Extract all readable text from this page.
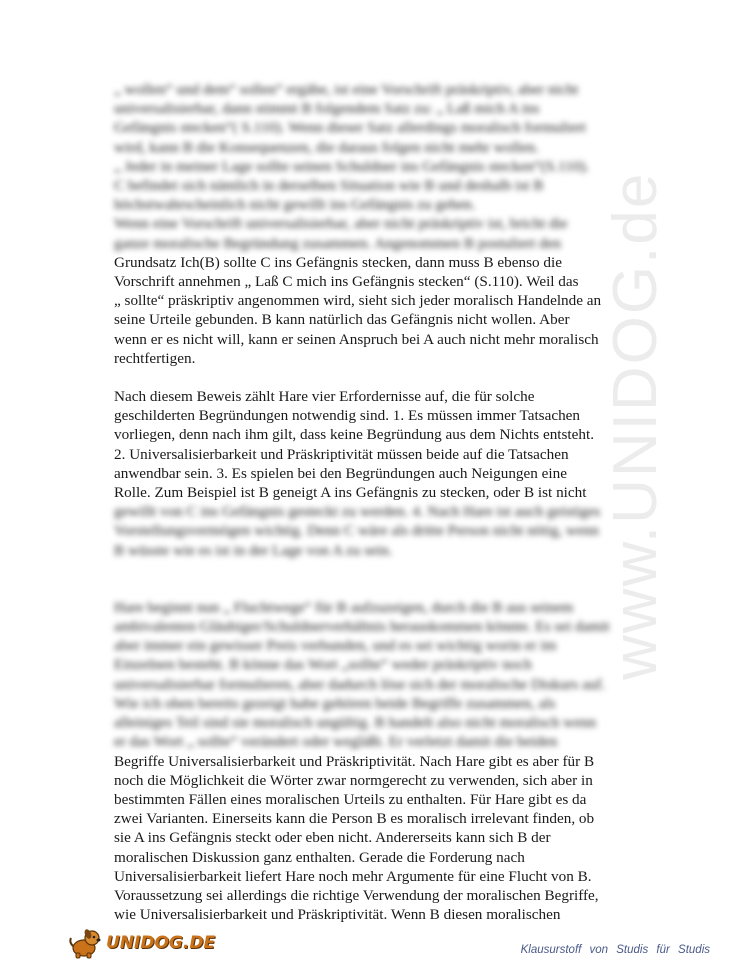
www.UNIDOG.de
„ wollen“ und dem“ sollen“ ergäbe, ist eine Vorschrift präskriptiv, aber nicht
universalisierbar, dann stimmt B folgendem Satz zu: „ Laß mich A ins
Gefängnis stecken“( S.110). Wenn dieser Satz allerdings moralisch formuliert
wird, kann B die Konsequenzen, die daraus folgen nicht mehr wollen.
„ Jeder in meiner Lage sollte seinen Schuldner ins Gefängnis stecken“(S.110).
C befindet sich nämlich in derselben Situation wie B und deshalb ist B
höchstwahrscheinlich nicht gewillt ins Gefängnis zu gehen.
Wenn eine Vorschrift universalisierbar, aber nicht präskriptiv ist, bricht die
ganze moralische Begründung zusammen. Angenommen B postuliert den
Grundsatz Ich(B) sollte C ins Gefängnis stecken, dann muss B ebenso die
Vorschrift annehmen „ Laß C mich ins Gefängnis stecken“ (S.110). Weil das
„ sollte“ präskriptiv angenommen wird, sieht sich jeder moralisch Handelnde an
seine Urteile gebunden. B kann natürlich das Gefängnis nicht wollen. Aber
wenn er es nicht will, kann er seinen Anspruch bei A auch nicht mehr moralisch
rechtfertigen.
Nach diesem Beweis zählt Hare vier Erfordernisse auf, die für solche
geschilderten Begründungen notwendig sind. 1. Es müssen immer Tatsachen
vorliegen, denn nach ihm gilt, dass keine Begründung aus dem Nichts entsteht.
2. Universalisierbarkeit und Präskriptivität müssen beide auf die Tatsachen
anwendbar sein. 3. Es spielen bei den Begründungen auch Neigungen eine
Rolle. Zum Beispiel ist B geneigt A ins Gefängnis zu stecken, oder B ist nicht
gewillt von C ins Gefängnis gesteckt zu werden. 4. Nach Hare ist auch geistiges
Vorstellungsvermögen wichtig. Denn C wäre als dritte Person nicht nötig, wenn
B wüsste wie es ist in der Lage von A zu sein.
Hare beginnt nun „ Fluchtwege“ für B aufzuzeigen, durch die B aus seinem
ambivalenten Gläubiger/Schuldnerverhältnis herauskommen könnte. Es sei damit
aber immer ein gewisser Preis verbunden, und es sei wichtig worin er im
Einzelnen besteht. B könne das Wort „sollte“ weder präskriptiv noch
universalisierbar formulieren, aber dadurch löse sich der moralische Diskurs auf.
Wie ich oben bereits gezeigt habe gehören beide Begriffe zusammen, als
alleiniges Teil sind sie moralisch ungültig. B handelt also nicht moralisch wenn
er das Wort „ sollte“ verändert oder wegläßt. Er verletzt damit die beiden
Begriffe Universalisierbarkeit und Präskriptivität. Nach Hare gibt es aber für B
noch die Möglichkeit die Wörter zwar normgerecht zu verwenden, sich aber in
bestimmten Fällen eines moralischen Urteils zu enthalten. Für Hare gibt es da
zwei Varianten. Einerseits kann die Person B es moralisch irrelevant finden, ob
sie A ins Gefängnis steckt oder eben nicht. Andererseits kann sich B der
moralischen Diskussion ganz enthalten. Gerade die Forderung nach
Universalisierbarkeit liefert Hare noch mehr Argumente für eine Flucht von B.
Voraussetzung sei allerdings die richtige Verwendung der moralischen Begriffe,
wie Universalisierbarkeit und Präskriptivität. Wenn B diesen moralischen
UNIDOG.DE	Klausurstoff von Studis für Studis
